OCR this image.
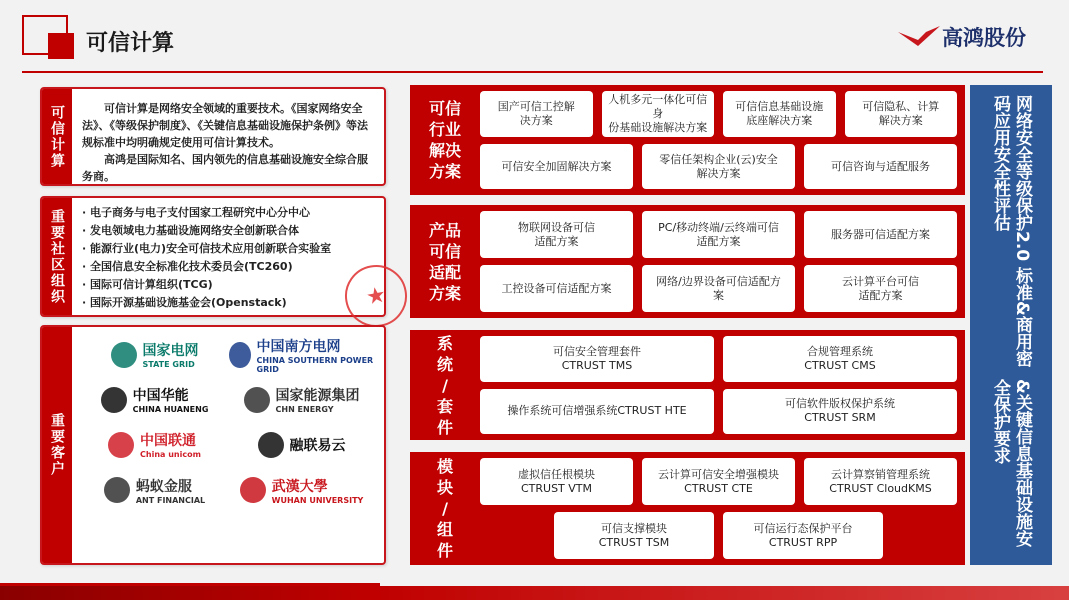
可信计算	高鸿股份
可信计算	可信计算是网络安全领域的重要技术。《国家网络安全法》、《等级保护制度》、《关键信息基础设施保护条例》等法规标准中均明确规定使用可信计算技术。

高鸿是国际知名、国内领先的信息基础设施安全综合服务商。

重要社区组织	· 电子商务与电子支付国家工程研究中心分中心
· 发电领域电力基础设施网络安全创新联合体
· 能源行业(电力)安全可信技术应用创新联合实验室
· 全国信息安全标准化技术委员会(TC260)
· 国际可信计算组织(TCG)
· 国际开源基础设施基金会(Openstack)	★
重要客户
国家电网
STATE GRID
中国南方电网
CHINA SOUTHERN POWER GRID
中国华能
CHINA HUANENG
国家能源集团
CHN ENERGY
中国联通
China unicom
融联易云
蚂蚁金服
ANT FINANCIAL
武漢大學
WUHAN UNIVERSITY
可信
行业
解决
方案
国产可信工控解
决方案
人机多元一体化可信身
份基础设施解决方案
可信信息基础设施
底座解决方案
可信隐私、计算
解决方案
可信安全加固解决方案
零信任架构企业(云)安全
解决方案
可信咨询与适配服务
产品
可信
适配
方案
物联网设备可信
适配方案
PC/移动终端/云终端可信
适配方案
服务器可信适配方案
工控设备可信适配方案
网络/边界设备可信适配方
案
云计算平台可信
适配方案
系
统
/
套
件
可信安全管理套件
CTRUST TMS
合规管理系统
CTRUST CMS
操作系统可信增强系统CTRUST HTE
可信软件版权保护系统
CTRUST SRM
模
块
/
组
件
虚拟信任根模块
CTRUST VTM
云计算可信安全增强模块
CTRUST CTE
云计算察销管理系统
CTRUST CloudKMS
可信支撑模块
CTRUST TSM
可信运行态保护平台
CTRUST RPP
网络安全等级保护2.0 标准&商用密码应用安全性评估
&关键信息基础设施安全保护要求
